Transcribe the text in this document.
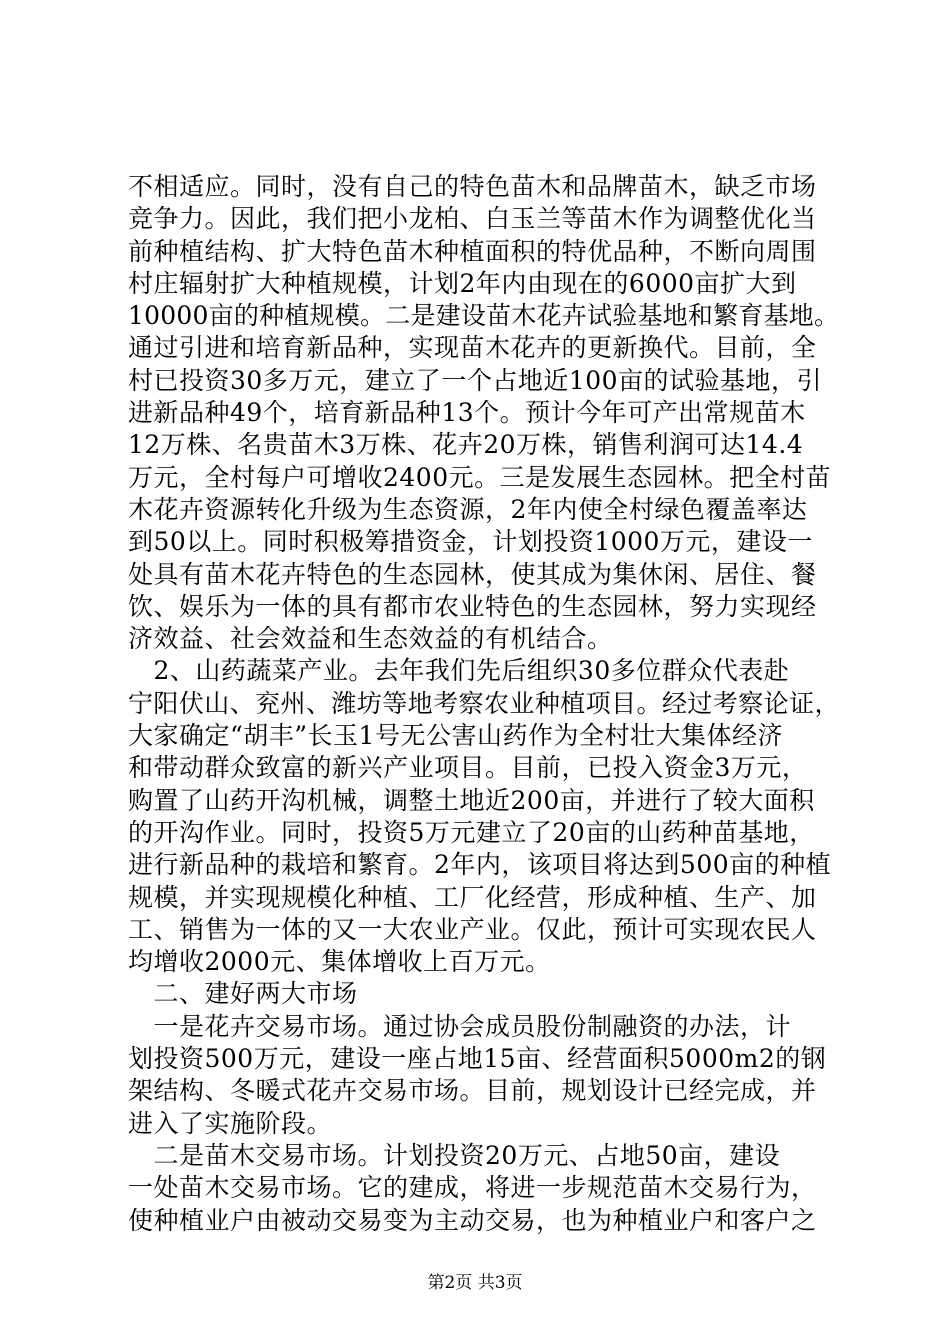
不相适应。同时，没有自己的特色苗木和品牌苗木，缺乏市场
竞争力。因此，我们把小龙柏、白玉兰等苗木作为调整优化当
前种植结构、扩大特色苗木种植面积的特优品种，不断向周围
村庄辐射扩大种植规模，计划2年内由现在的6000亩扩大到
10000亩的种植规模。二是建设苗木花卉试验基地和繁育基地。
通过引进和培育新品种，实现苗木花卉的更新换代。目前，全
村已投资30多万元，建立了一个占地近100亩的试验基地，引
进新品种49个，培育新品种13个。预计今年可产出常规苗木
12万株、名贵苗木3万株、花卉20万株，销售利润可达14.4
万元，全村每户可增收2400元。三是发展生态园林。把全村苗
木花卉资源转化升级为生态资源，2年内使全村绿色覆盖率达
到50以上。同时积极筹措资金，计划投资1000万元，建设一
处具有苗木花卉特色的生态园林，使其成为集休闲、居住、餐
饮、娱乐为一体的具有都市农业特色的生态园林，努力实现经
济效益、社会效益和生态效益的有机结合。
　2、山药蔬菜产业。去年我们先后组织30多位群众代表赴
宁阳伏山、兖州、潍坊等地考察农业种植项目。经过考察论证，
大家确定“胡丰”长玉1号无公害山药作为全村壮大集体经济
和带动群众致富的新兴产业项目。目前，已投入资金3万元，
购置了山药开沟机械，调整土地近200亩，并进行了较大面积
的开沟作业。同时，投资5万元建立了20亩的山药种苗基地，
进行新品种的栽培和繁育。2年内，该项目将达到500亩的种植
规模，并实现规模化种植、工厂化经营，形成种植、生产、加
工、销售为一体的又一大农业产业。仅此，预计可实现农民人
均增收2000元、集体增收上百万元。
　二、建好两大市场
　一是花卉交易市场。通过协会成员股份制融资的办法，计
划投资500万元，建设一座占地15亩、经营面积5000m2的钢
架结构、冬暖式花卉交易市场。目前，规划设计已经完成，并
进入了实施阶段。
　二是苗木交易市场。计划投资20万元、占地50亩，建设
一处苗木交易市场。它的建成，将进一步规范苗木交易行为，
使种植业户由被动交易变为主动交易，也为种植业户和客户之
第2页 共3页
